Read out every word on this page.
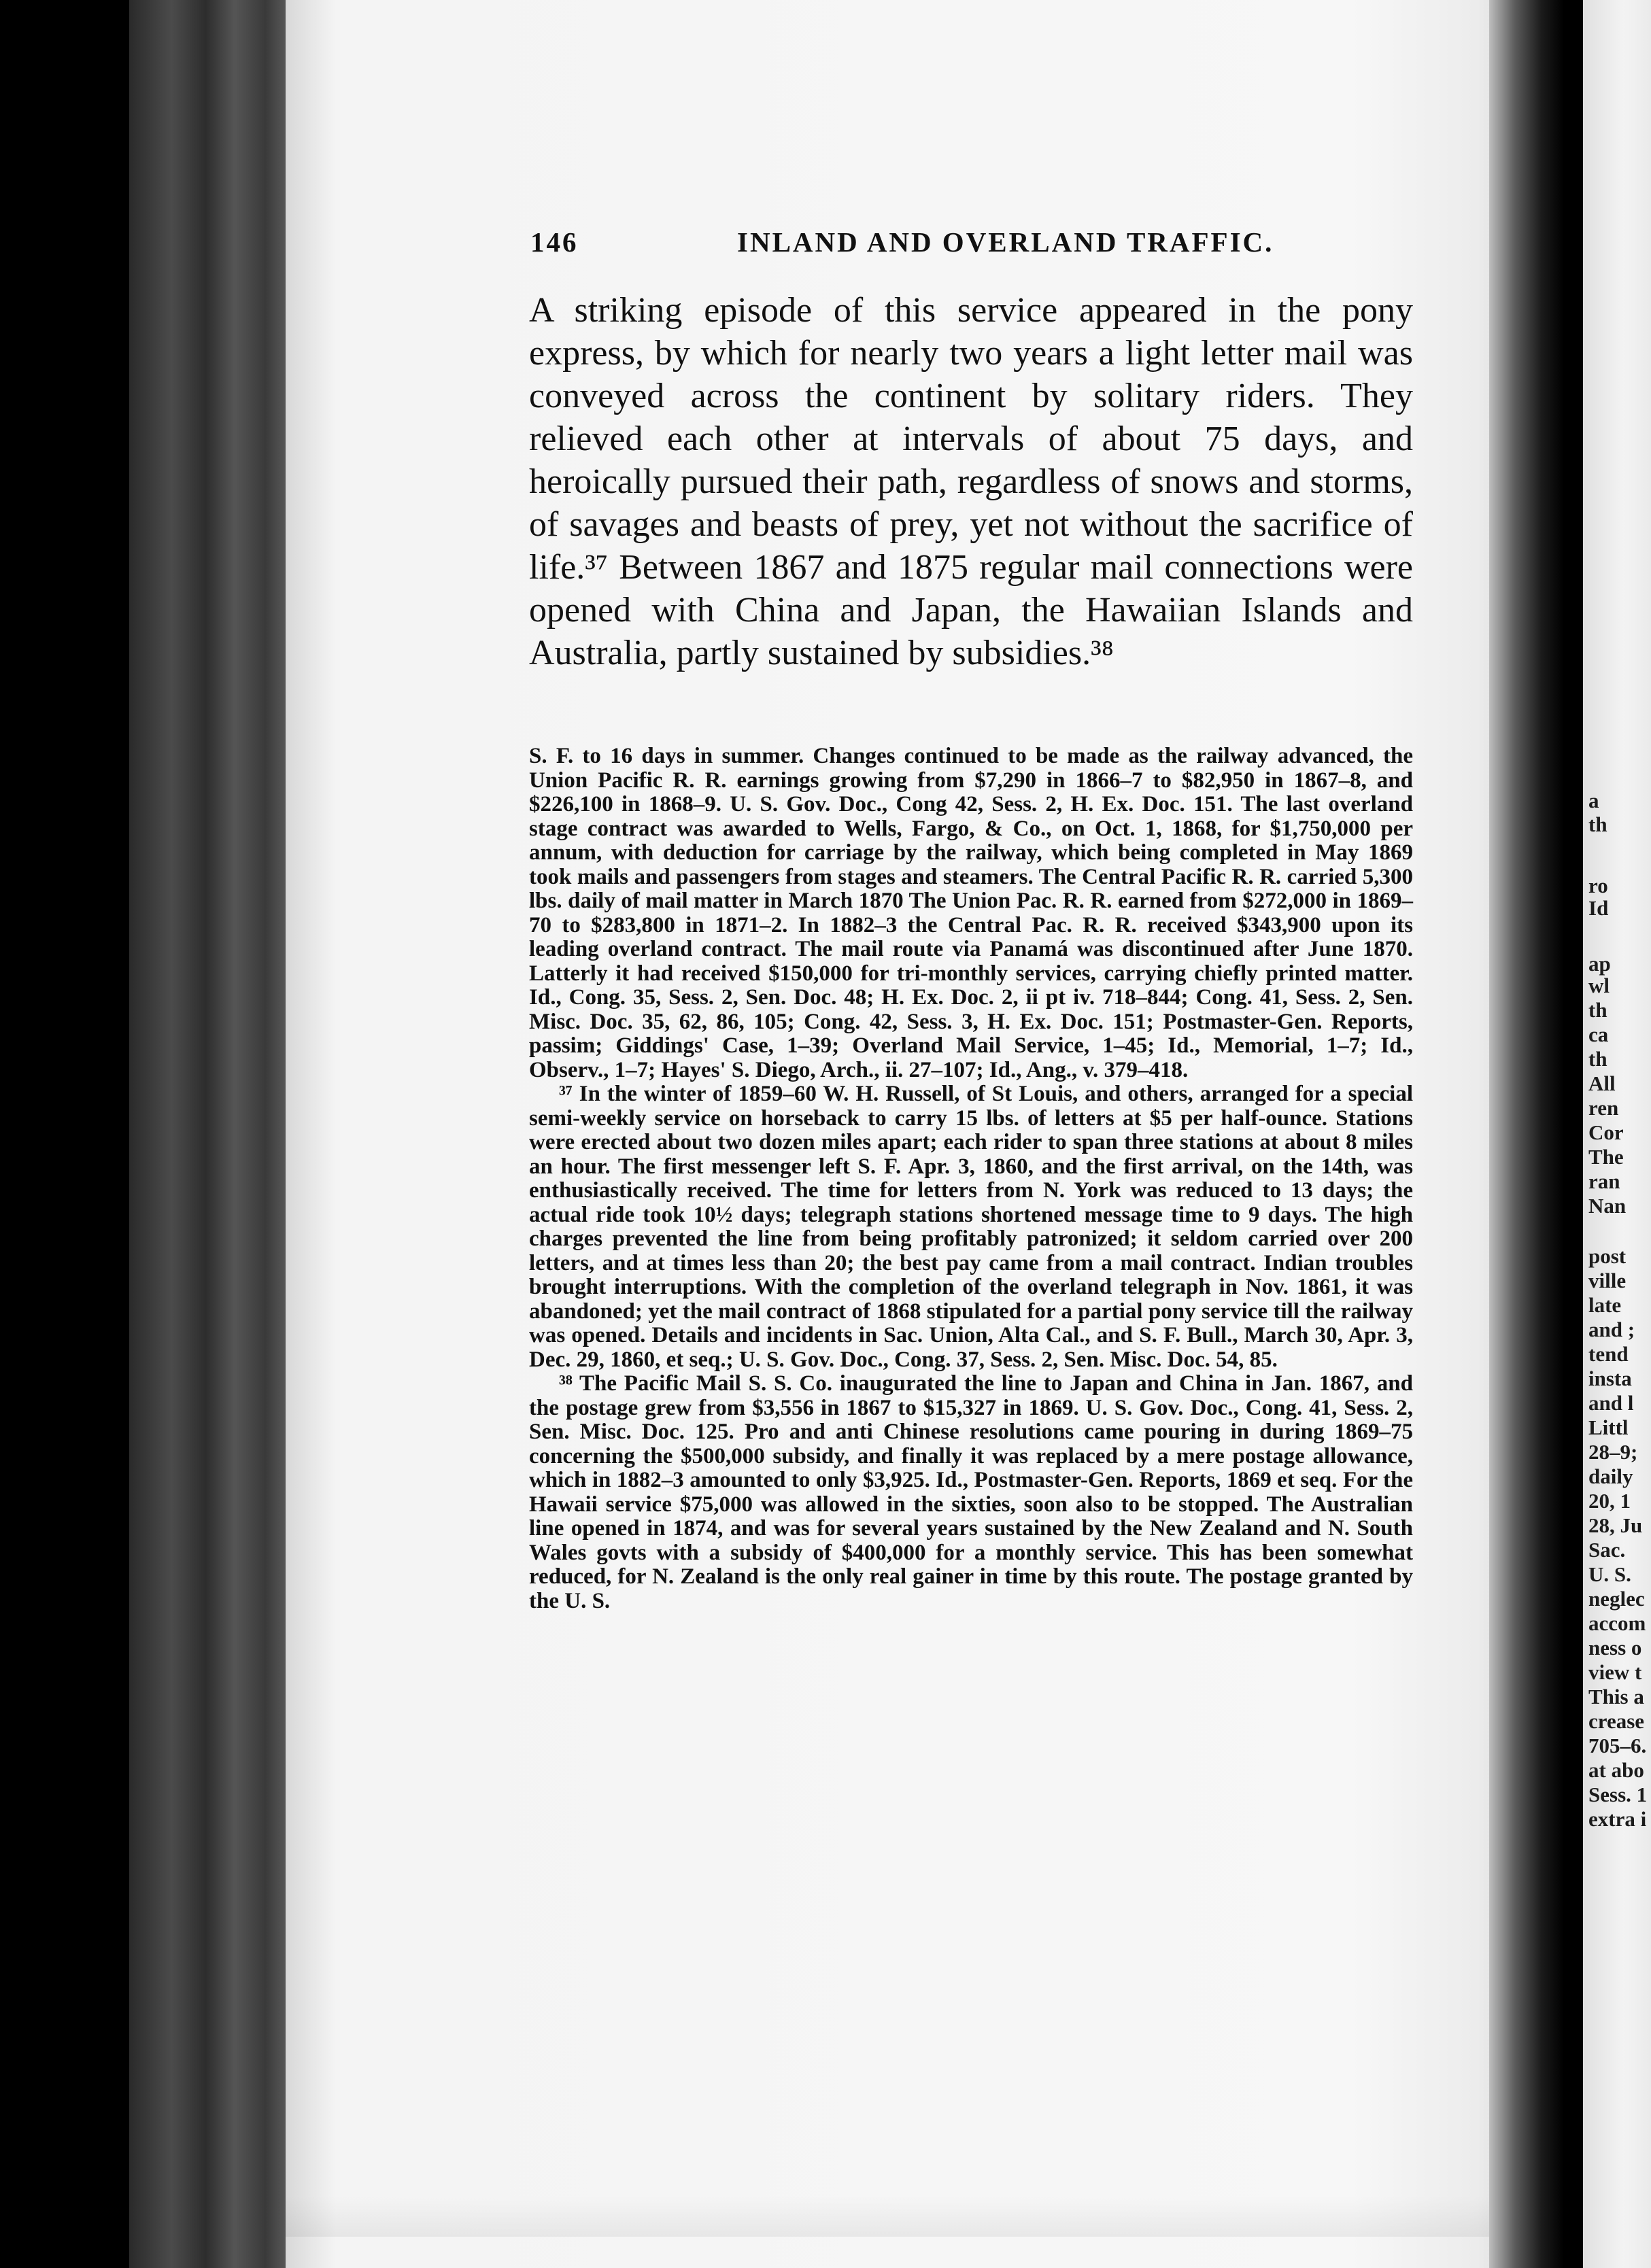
146	INLAND AND OVERLAND TRAFFIC.

A striking episode of this service appeared in the pony express, by which for nearly two years a light letter mail was conveyed across the continent by solitary riders. They relieved each other at intervals of about 75 days, and heroically pursued their path, regardless of snows and storms, of savages and beasts of prey, yet not without the sacrifice of life.³⁷ Between 1867 and 1875 regular mail connections were opened with China and Japan, the Hawaiian Islands and Australia, partly sustained by subsidies.³⁸

S. F. to 16 days in summer. Changes continued to be made as the railway advanced, the Union Pacific R. R. earnings growing from $7,290 in 1866–7 to $82,950 in 1867–8, and $226,100 in 1868–9. U. S. Gov. Doc., Cong 42, Sess. 2, H. Ex. Doc. 151. The last overland stage contract was awarded to Wells, Fargo, & Co., on Oct. 1, 1868, for $1,750,000 per annum, with deduction for carriage by the railway, which being completed in May 1869 took mails and passengers from stages and steamers. The Central Pacific R. R. carried 5,300 lbs. daily of mail matter in March 1870 The Union Pac. R. R. earned from $272,000 in 1869–70 to $283,800 in 1871–2. In 1882–3 the Central Pac. R. R. received $343,900 upon its leading overland contract. The mail route via Panamá was discontinued after June 1870. Latterly it had received $150,000 for tri-monthly services, carrying chiefly printed matter. Id., Cong. 35, Sess. 2, Sen. Doc. 48; H. Ex. Doc. 2, ii pt iv. 718–844; Cong. 41, Sess. 2, Sen. Misc. Doc. 35, 62, 86, 105; Cong. 42, Sess. 3, H. Ex. Doc. 151; Postmaster-Gen. Reports, passim; Giddings' Case, 1–39; Overland Mail Service, 1–45; Id., Memorial, 1–7; Id., Observ., 1–7; Hayes' S. Diego, Arch., ii. 27–107; Id., Ang., v. 379–418.

³⁷ In the winter of 1859–60 W. H. Russell, of St Louis, and others, arranged for a special semi-weekly service on horseback to carry 15 lbs. of letters at $5 per half-ounce. Stations were erected about two dozen miles apart; each rider to span three stations at about 8 miles an hour. The first messenger left S. F. Apr. 3, 1860, and the first arrival, on the 14th, was enthusiastically received. The time for letters from N. York was reduced to 13 days; the actual ride took 10½ days; telegraph stations shortened message time to 9 days. The high charges prevented the line from being profitably patronized; it seldom carried over 200 letters, and at times less than 20; the best pay came from a mail contract. Indian troubles brought interruptions. With the completion of the overland telegraph in Nov. 1861, it was abandoned; yet the mail contract of 1868 stipulated for a partial pony service till the railway was opened. Details and incidents in Sac. Union, Alta Cal., and S. F. Bull., March 30, Apr. 3, Dec. 29, 1860, et seq.; U. S. Gov. Doc., Cong. 37, Sess. 2, Sen. Misc. Doc. 54, 85.

³⁸ The Pacific Mail S. S. Co. inaugurated the line to Japan and China in Jan. 1867, and the postage grew from $3,556 in 1867 to $15,327 in 1869. U. S. Gov. Doc., Cong. 41, Sess. 2, Sen. Misc. Doc. 125. Pro and anti Chinese resolutions came pouring in during 1869–75 concerning the $500,000 subsidy, and finally it was replaced by a mere postage allowance, which in 1882–3 amounted to only $3,925. Id., Postmaster-Gen. Reports, 1869 et seq. For the Hawaii service $75,000 was allowed in the sixties, soon also to be stopped. The Australian line opened in 1874, and was for several years sustained by the New Zealand and N. South Wales govts with a subsidy of $400,000 for a monthly service. This has been somewhat reduced, for N. Zealand is the only real gainer in time by this route. The postage granted by the U. S.

a
th
ro
Id
ap
wl
th
ca
th
All
ren
Cor
The
ran
Nan
post
ville
late
and ;
tend
insta
and l
Littl
28–9;
daily
20, 1
28, Ju
Sac.
U. S.
neglec
accom
ness o
view t
This a
crease
705–6.
at abo
Sess. 1
extra i
